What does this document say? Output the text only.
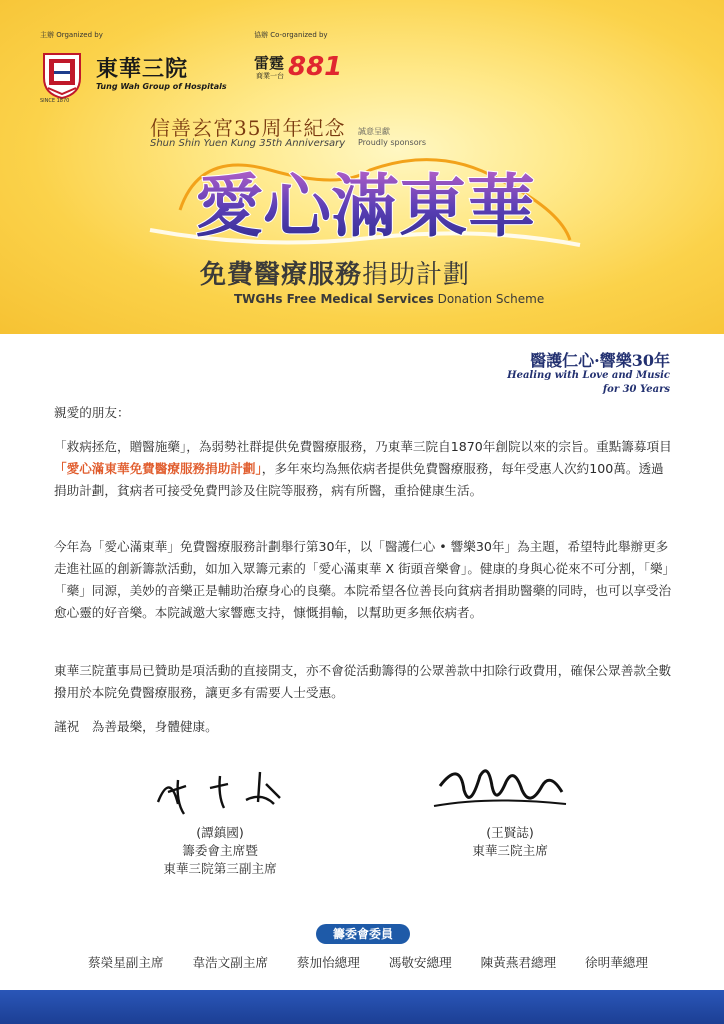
主辦 Organized by	協辦 Co-organized by
SINCE 1870
東華三院
Tung Wah Group of Hospitals
雷霆
商業一台 881
信善玄宮35周年紀念
Shun Shin Yuen Kung 35th Anniversary
誠意呈獻
Proudly sponsors
愛心滿東華
免費醫療服務捐助計劃
TWGHs Free Medical Services Donation Scheme
醫護仁心·響樂30年
Healing with Love and Music
for 30 Years
親愛的朋友：
「救病拯危，贈醫施藥」，為弱勢社群提供免費醫療服務，乃東華三院自1870年創院以來的宗旨。重點籌募項目「愛心滿東華免費醫療服務捐助計劃」，多年來均為無依病者提供免費醫療服務，每年受惠人次約100萬。透過捐助計劃，貧病者可接受免費門診及住院等服務，病有所醫，重拾健康生活。
今年為「愛心滿東華」免費醫療服務計劃舉行第30年，以「醫護仁心 • 響樂30年」為主題，希望特此舉辦更多走進社區的創新籌款活動，如加入眾籌元素的「愛心滿東華 X 街頭音樂會」。健康的身與心從來不可分割，「樂」「藥」同源，美妙的音樂正是輔助治療身心的良藥。本院希望各位善長向貧病者捐助醫藥的同時，也可以享受治愈心靈的好音樂。本院誠邀大家響應支持，慷慨捐輸，以幫助更多無依病者。
東華三院董事局已贊助是項活動的直接開支，亦不會從活動籌得的公眾善款中扣除行政費用，確保公眾善款全數撥用於本院免費醫療服務，讓更多有需要人士受惠。
謹祝　為善最樂，身體健康。
(譚鎮國)
籌委會主席暨
東華三院第三副主席
(王賢誌)
東華三院主席
籌委會委員
蔡榮星副主席 韋浩文副主席 蔡加怡總理 馮敬安總理 陳黃燕君總理 徐明華總理
